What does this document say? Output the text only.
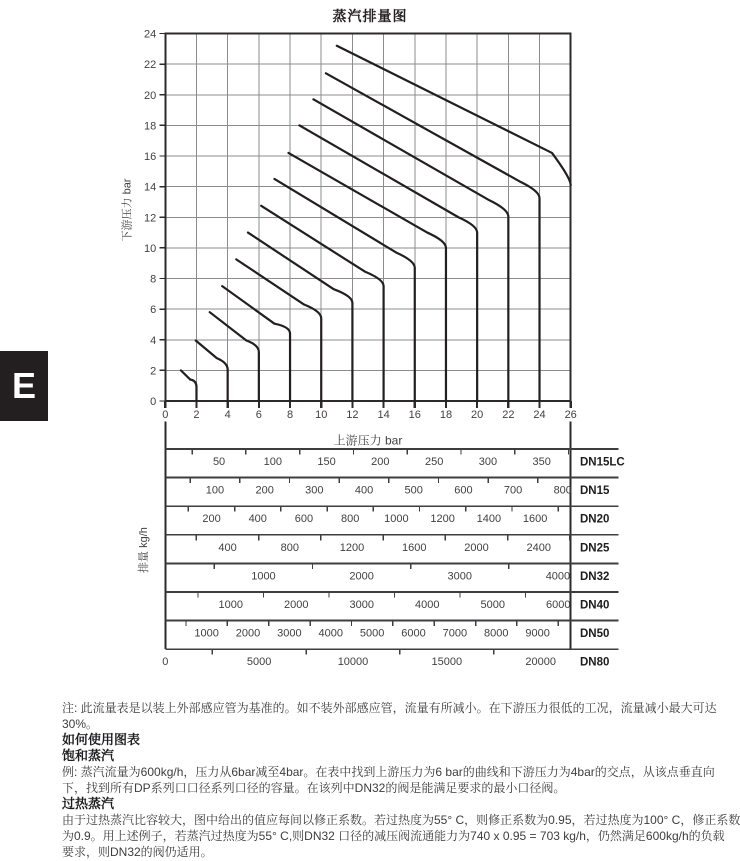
蒸汽排量图
0 2 4 6 8 10 12 14 16 18 20 22 24 26
0
2
4
6
8
10
12
14
16
18
20
22
24
下游压力 bar
上游压力 bar
50	100	150	200	250	300	350	DN15LC
100	200	300	400	500	600	700	800 DN15
200	400	600	800 1000 1200 1400 1600	DN20
400	800	1200	1600	2000	2400	DN25
1000	2000	3000	4000 DN32
1000	2000	3000	4000	5000	6000 DN40
1000 2000 3000 4000 5000 6000 7000 8000 9000	DN50
0	5000	10000	15000	20000 DN80
排量 kg/h
E
注: 此流量表是以装上外部感应管为基准的。如不装外部感应管，流量有所减小。在下游压力很低的工况，流量减小最大可达
30%。
如何使用图表
饱和蒸汽
例: 蒸汽流量为600kg/h，压力从6bar减至4bar。在表中找到上游压力为6 bar的曲线和下游压力为4bar的交点，从该点垂直向
下，找到所有DP系列口口径系列口径的容量。在该列中DN32的阀是能满足要求的最小口径阀。
过热蒸汽
由于过热蒸汽比容较大，图中给出的值应每间以修正系数。若过热度为55° C，则修正系数为0.95，若过热度为100° C，修正系数
为0.9。用上述例子，若蒸汽过热度为55° C,则DN32 口径的减压阀流通能力为740 x 0.95 = 703 kg/h，仍然满足600kg/h的负载
要求，则DN32的阀仍适用。
